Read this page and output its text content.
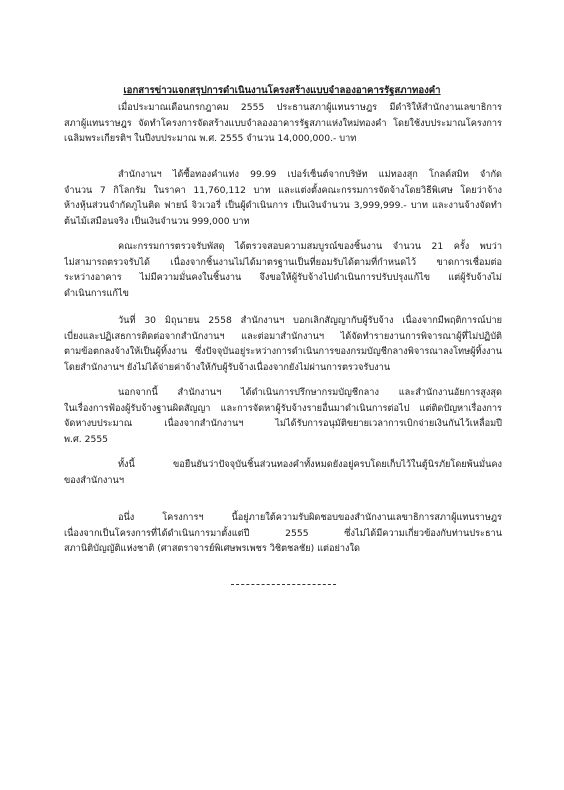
เอกสารข่าวแจกสรุปการดำเนินงานโครงสร้างแบบจำลองอาคารรัฐสภาทองคำ
เมื่อประมาณเดือนกรกฎาคม 2555 ประธานสภาผู้แทนราษฎร มีดำริให้สำนักงานเลขาธิการ
สภาผู้แทนราษฎร จัดทำโครงการจัดสร้างแบบจำลองอาคารรัฐสภาแห่งใหม่ทองคำ โดยใช้งบประมาณโครงการ
เฉลิมพระเกียรติฯ ในปีงบประมาณ พ.ศ. 2555 จำนวน 14,000,000.- บาท
สำนักงานฯ ได้ซื้อทองคำแท่ง 99.99 เปอร์เซ็นต์จากบริษัท แม่ทองสุก โกลด์สมิท จำกัด
จำนวน 7 กิโลกรัม ในราคา 11,760,112 บาท และแต่งตั้งคณะกรรมการจัดจ้างโดยวิธีพิเศษ โดยว่าจ้าง
ห้างหุ้นส่วนจำกัดภูไนติด ฟายน์ จิวเวอรี่ เป็นผู้ดำเนินการ เป็นเงินจำนวน 3,999,999.- บาท และงานจ้างจัดทำ
ต้นไม้เสมือนจริง เป็นเงินจำนวน 999,000 บาท
คณะกรรมการตรวจรับพัสดุ ได้ตรวจสอบความสมบูรณ์ของชิ้นงาน จำนวน 21 ครั้ง พบว่า
ไม่สามารถตรวจรับได้ เนื่องจากชิ้นงานไม่ได้มาตรฐานเป็นที่ยอมรับได้ตามที่กำหนดไว้ ขาดการเชื่อมต่อ
ระหว่างอาคาร ไม่มีความมั่นคงในชิ้นงาน จึงขอให้ผู้รับจ้างไปดำเนินการปรับปรุงแก้ไข แต่ผู้รับจ้างไม่
ดำเนินการแก้ไข
วันที่ 30 มิถุนายน 2558 สำนักงานฯ บอกเลิกสัญญากับผู้รับจ้าง เนื่องจากมีพฤติการณ์บ่าย
เบี่ยงและปฏิเสธการติดต่อจากสำนักงานฯ และต่อมาสำนักงานฯ ได้จัดทำรายงานการพิจารณาผู้ที่ไม่ปฏิบัติ
ตามข้อตกลงจ้างให้เป็นผู้ทิ้งงาน ซึ่งปัจจุบันอยู่ระหว่างการดำเนินการของกรมบัญชีกลางพิจารณาลงโทษผู้ทิ้งงาน
โดยสำนักงานฯ ยังไม่ได้จ่ายค่าจ้างให้กับผู้รับจ้างเนื่องจากยังไม่ผ่านการตรวจรับงาน
นอกจากนี้ สำนักงานฯ ได้ดำเนินการปรึกษากรมบัญชีกลาง และสำนักงานอัยการสูงสุด
ในเรื่องการฟ้องผู้รับจ้างฐานผิดสัญญา และการจัดหาผู้รับจ้างรายอื่นมาดำเนินการต่อไป แต่ติดปัญหาเรื่องการ
จัดหางบประมาณ เนื่องจากสำนักงานฯ ไม่ได้รับการอนุมัติขยายเวลาการเบิกจ่ายเงินกันไว้เหลื่อมปี
พ.ศ. 2555
ทั้งนี้ ขอยืนยันว่าปัจจุบันชิ้นส่วนทองคำทั้งหมดยังอยู่ครบโดยเก็บไว้ในตู้นิรภัยโดยพ้นมั่นคง
ของสำนักงานฯ
อนึ่ง โครงการฯ นี้อยู่ภายใต้ความรับผิดชอบของสำนักงานเลขาธิการสภาผู้แทนราษฎร
เนื่องจากเป็นโครงการที่ได้ดำเนินการมาตั้งแต่ปี 2555 ซึ่งไม่ได้มีความเกี่ยวข้องกับท่านประธาน
สภานิติบัญญัติแห่งชาติ (ศาสตราจารย์พิเศษพรเพชร วิชิตชลชัย) แต่อย่างใด
